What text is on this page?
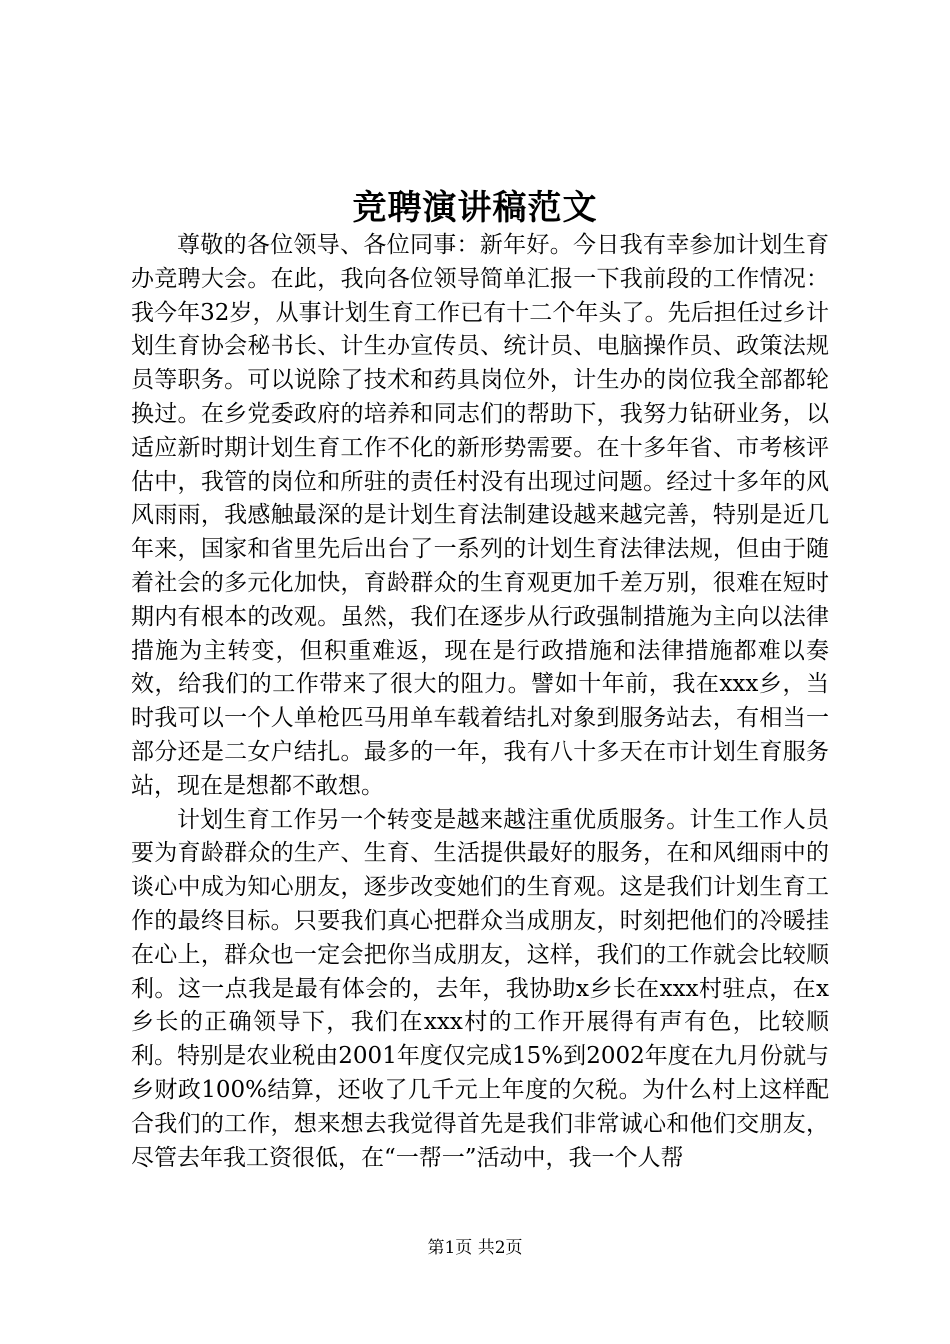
竞聘演讲稿范文

尊敬的各位领导、各位同事：新年好。今日我有幸参加计划生育办竞聘大会。在此，我向各位领导简单汇报一下我前段的工作情况：我今年32岁，从事计划生育工作已有十二个年头了。先后担任过乡计划生育协会秘书长、计生办宣传员、统计员、电脑操作员、政策法规员等职务。可以说除了技术和药具岗位外，计生办的岗位我全部都轮换过。在乡党委政府的培养和同志们的帮助下，我努力钻研业务，以适应新时期计划生育工作不化的新形势需要。在十多年省、市考核评估中，我管的岗位和所驻的责任村没有出现过问题。经过十多年的风风雨雨，我感触最深的是计划生育法制建设越来越完善，特别是近几年来，国家和省里先后出台了一系列的计划生育法律法规，但由于随着社会的多元化加快，育龄群众的生育观更加千差万别，很难在短时期内有根本的改观。虽然，我们在逐步从行政强制措施为主向以法律措施为主转变，但积重难返，现在是行政措施和法律措施都难以奏效，给我们的工作带来了很大的阻力。譬如十年前，我在xxx乡，当时我可以一个人单枪匹马用单车载着结扎对象到服务站去，有相当一部分还是二女户结扎。最多的一年，我有八十多天在市计划生育服务站，现在是想都不敢想。

计划生育工作另一个转变是越来越注重优质服务。计生工作人员要为育龄群众的生产、生育、生活提供最好的服务，在和风细雨中的谈心中成为知心朋友，逐步改变她们的生育观。这是我们计划生育工作的最终目标。只要我们真心把群众当成朋友，时刻把他们的冷暖挂在心上，群众也一定会把你当成朋友，这样，我们的工作就会比较顺利。这一点我是最有体会的，去年，我协助x乡长在xxx村驻点，在x乡长的正确领导下，我们在xxx村的工作开展得有声有色，比较顺利。特别是农业税由2001年度仅完成15%到2002年度在九月份就与乡财政100%结算，还收了几千元上年度的欠税。为什么村上这样配合我们的工作，想来想去我觉得首先是我们非常诚心和他们交朋友，尽管去年我工资很低，在“一帮一”活动中，我一个人帮

第1页 共2页
